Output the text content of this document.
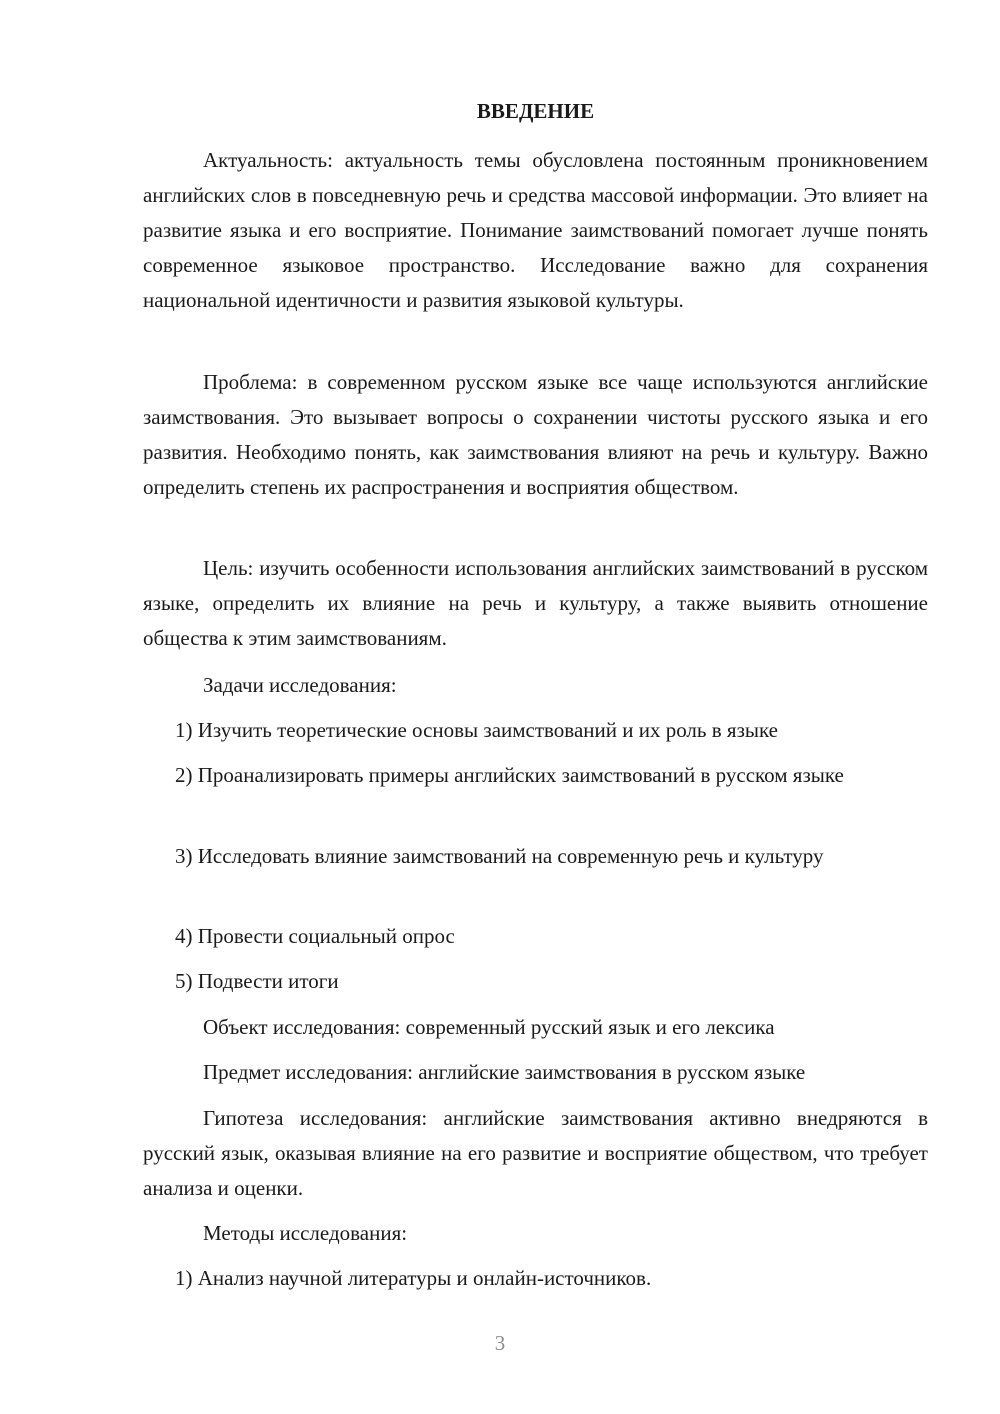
ВВЕДЕНИЕ

Актуальность: актуальность темы обусловлена постоянным проникновением английских слов в повседневную речь и средства массовой информации. Это влияет на развитие языка и его восприятие. Понимание заимствований помогает лучше понять современное языковое пространство. Исследование важно для сохранения национальной идентичности и развития языковой культуры.

Проблема: в современном русском языке все чаще используются английские заимствования. Это вызывает вопросы о сохранении чистоты русского языка и его развития. Необходимо понять, как заимствования влияют на речь и культуру. Важно определить степень их распространения и восприятия обществом.

Цель: изучить особенности использования английских заимствований в русском языке, определить их влияние на речь и культуру, а также выявить отношение общества к этим заимствованиям.

Задачи исследования:

1) Изучить теоретические основы заимствований и их роль в языке

2) Проанализировать примеры английских заимствований в русском языке

3) Исследовать влияние заимствований на современную речь и культуру

4) Провести социальный опрос

5) Подвести итоги

Объект исследования: современный русский язык и его лексика

Предмет исследования: английские заимствования в русском языке

Гипотеза исследования: английские заимствования активно внедряются в русский язык, оказывая влияние на его развитие и восприятие обществом, что требует анализа и оценки.

Методы исследования:

1) Анализ научной литературы и онлайн-источников.

3
